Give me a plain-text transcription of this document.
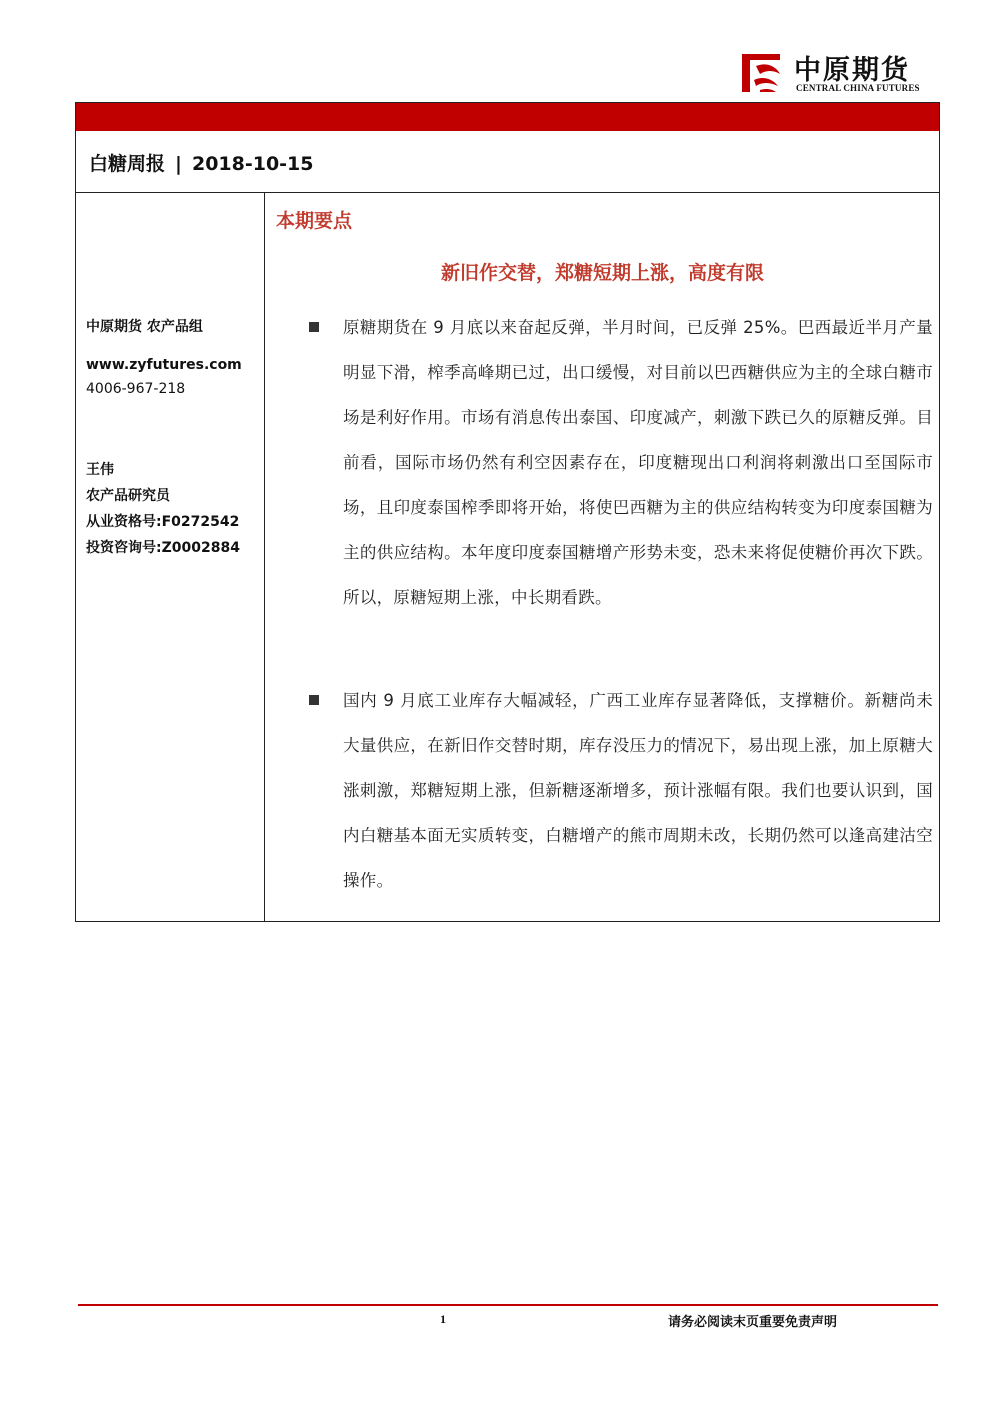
中原期货
CENTRAL CHINA FUTURES
白糖周报 | 2018-10-15
中原期货 农产品组
www.zyfutures.com
4006-967-218
王伟
农产品研究员
从业资格号:F0272542
投资咨询号:Z0002884
本期要点
新旧作交替，郑糖短期上涨，高度有限
原糖期货在 9 月底以来奋起反弹，半月时间，已反弹 25%。巴西最近半月产量明显下滑，榨季高峰期已过，出口缓慢，对目前以巴西糖供应为主的全球白糖市场是利好作用。市场有消息传出泰国、印度减产，刺激下跌已久的原糖反弹。目前看，国际市场仍然有利空因素存在，印度糖现出口利润将刺激出口至国际市场，且印度泰国榨季即将开始，将使巴西糖为主的供应结构转变为印度泰国糖为主的供应结构。本年度印度泰国糖增产形势未变，恐未来将促使糖价再次下跌。所以，原糖短期上涨，中长期看跌。
国内 9 月底工业库存大幅减轻，广西工业库存显著降低，支撑糖价。新糖尚未大量供应，在新旧作交替时期，库存没压力的情况下，易出现上涨，加上原糖大涨刺激，郑糖短期上涨，但新糖逐渐增多，预计涨幅有限。我们也要认识到，国内白糖基本面无实质转变，白糖增产的熊市周期未改，长期仍然可以逢高建沽空操作。
1	请务必阅读末页重要免责声明
